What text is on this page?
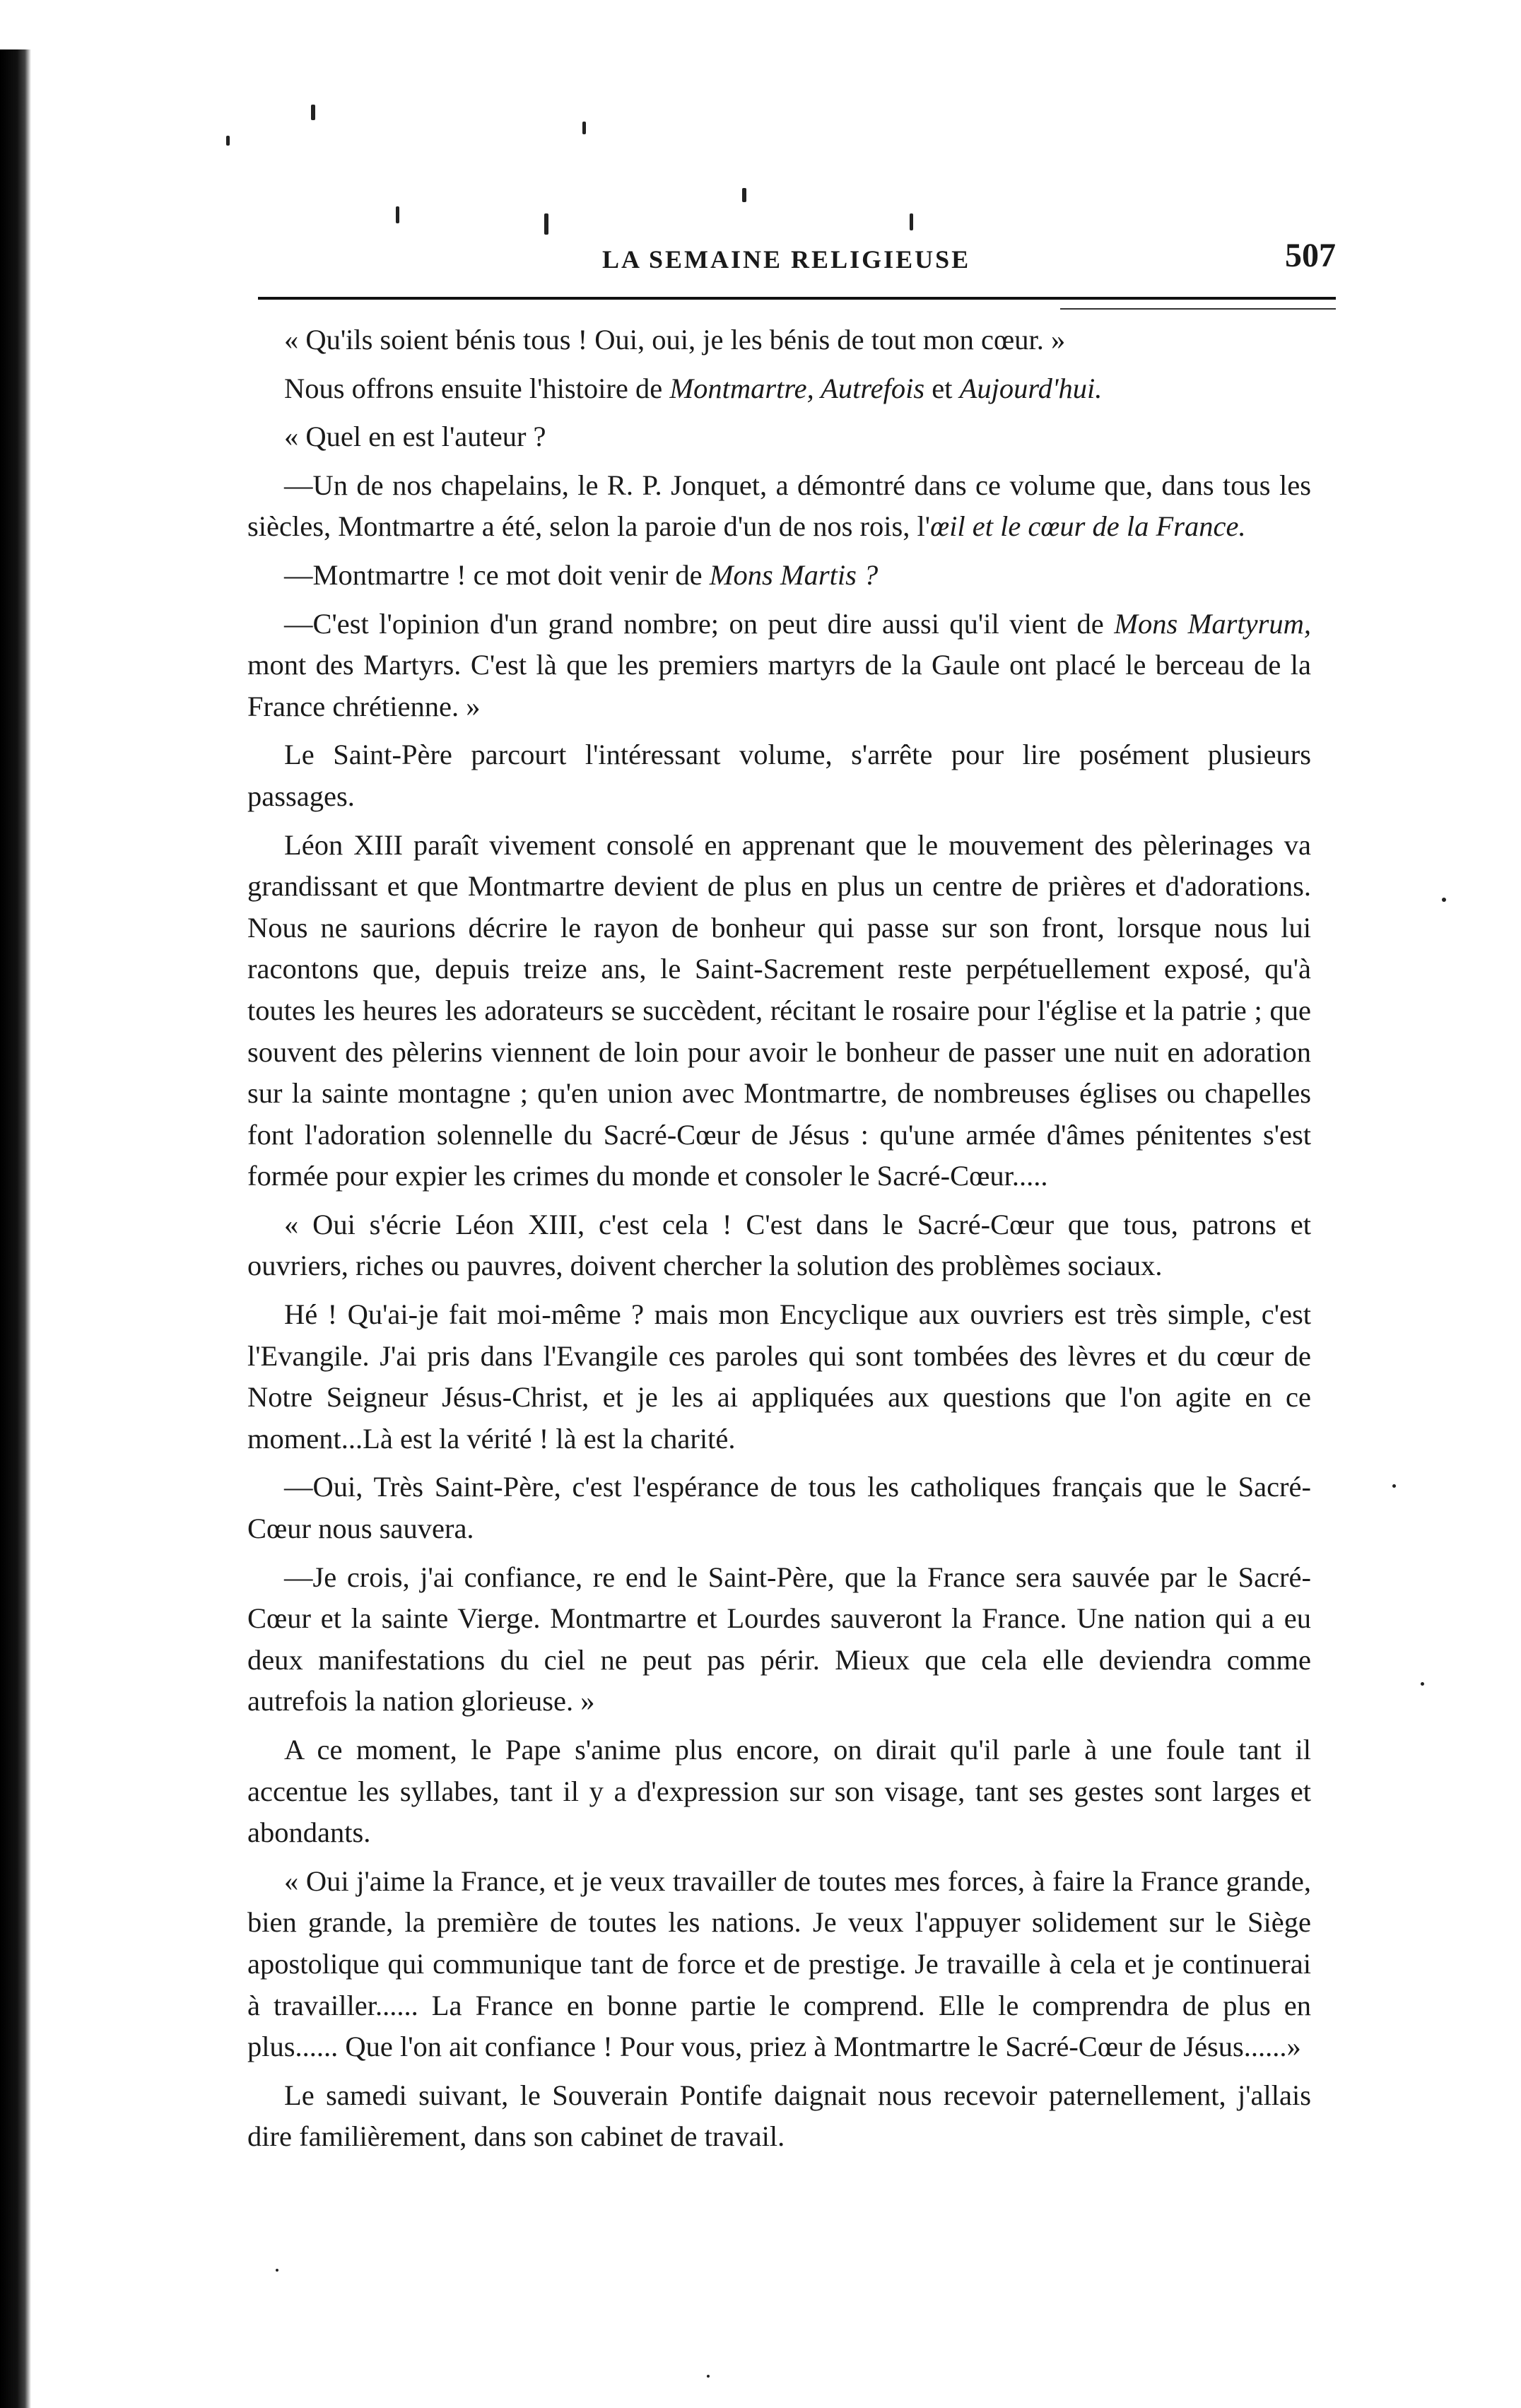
LA SEMAINE RELIGIEUSE	507

« Qu'ils soient bénis tous ! Oui, oui, je les bénis de tout mon cœur. »

Nous offrons ensuite l'histoire de Montmartre, Autrefois et Aujourd'hui.

« Quel en est l'auteur ?

—Un de nos chapelains, le R. P. Jonquet, a démontré dans ce volume que, dans tous les siècles, Montmartre a été, selon la paroie d'un de nos rois, l'œil et le cœur de la France.

—Montmartre ! ce mot doit venir de Mons Martis ?

—C'est l'opinion d'un grand nombre; on peut dire aussi qu'il vient de Mons Martyrum, mont des Martyrs. C'est là que les premiers martyrs de la Gaule ont placé le berceau de la France chrétienne. »

Le Saint-Père parcourt l'intéressant volume, s'arrête pour lire posément plusieurs passages.

Léon XIII paraît vivement consolé en apprenant que le mouvement des pèlerinages va grandissant et que Montmartre devient de plus en plus un centre de prières et d'adorations. Nous ne saurions décrire le rayon de bonheur qui passe sur son front, lorsque nous lui racontons que, depuis treize ans, le Saint-Sacrement reste perpétuellement exposé, qu'à toutes les heures les adorateurs se succèdent, récitant le rosaire pour l'église et la patrie ; que souvent des pèlerins viennent de loin pour avoir le bonheur de passer une nuit en adoration sur la sainte montagne ; qu'en union avec Montmartre, de nombreuses églises ou chapelles font l'adoration solennelle du Sacré-Cœur de Jésus : qu'une armée d'âmes pénitentes s'est formée pour expier les crimes du monde et consoler le Sacré-Cœur.....

« Oui s'écrie Léon XIII, c'est cela ! C'est dans le Sacré-Cœur que tous, patrons et ouvriers, riches ou pauvres, doivent chercher la solution des problèmes sociaux.

Hé ! Qu'ai-je fait moi-même ? mais mon Encyclique aux ouvriers est très simple, c'est l'Evangile. J'ai pris dans l'Evangile ces paroles qui sont tombées des lèvres et du cœur de Notre Seigneur Jésus-Christ, et je les ai appliquées aux questions que l'on agite en ce moment...Là est la vérité ! là est la charité.

—Oui, Très Saint-Père, c'est l'espérance de tous les catholiques français que le Sacré-Cœur nous sauvera.

—Je crois, j'ai confiance, re end le Saint-Père, que la France sera sauvée par le Sacré-Cœur et la sainte Vierge. Montmartre et Lourdes sauveront la France. Une nation qui a eu deux manifestations du ciel ne peut pas périr. Mieux que cela elle deviendra comme autrefois la nation glorieuse. »

A ce moment, le Pape s'anime plus encore, on dirait qu'il parle à une foule tant il accentue les syllabes, tant il y a d'expression sur son visage, tant ses gestes sont larges et abondants.

« Oui j'aime la France, et je veux travailler de toutes mes forces, à faire la France grande, bien grande, la première de toutes les nations. Je veux l'appuyer solidement sur le Siège apostolique qui communique tant de force et de prestige. Je travaille à cela et je continuerai à travailler...... La France en bonne partie le comprend. Elle le comprendra de plus en plus...... Que l'on ait confiance ! Pour vous, priez à Montmartre le Sacré-Cœur de Jésus......»

Le samedi suivant, le Souverain Pontife daignait nous recevoir paternellement, j'allais dire familièrement, dans son cabinet de travail.
